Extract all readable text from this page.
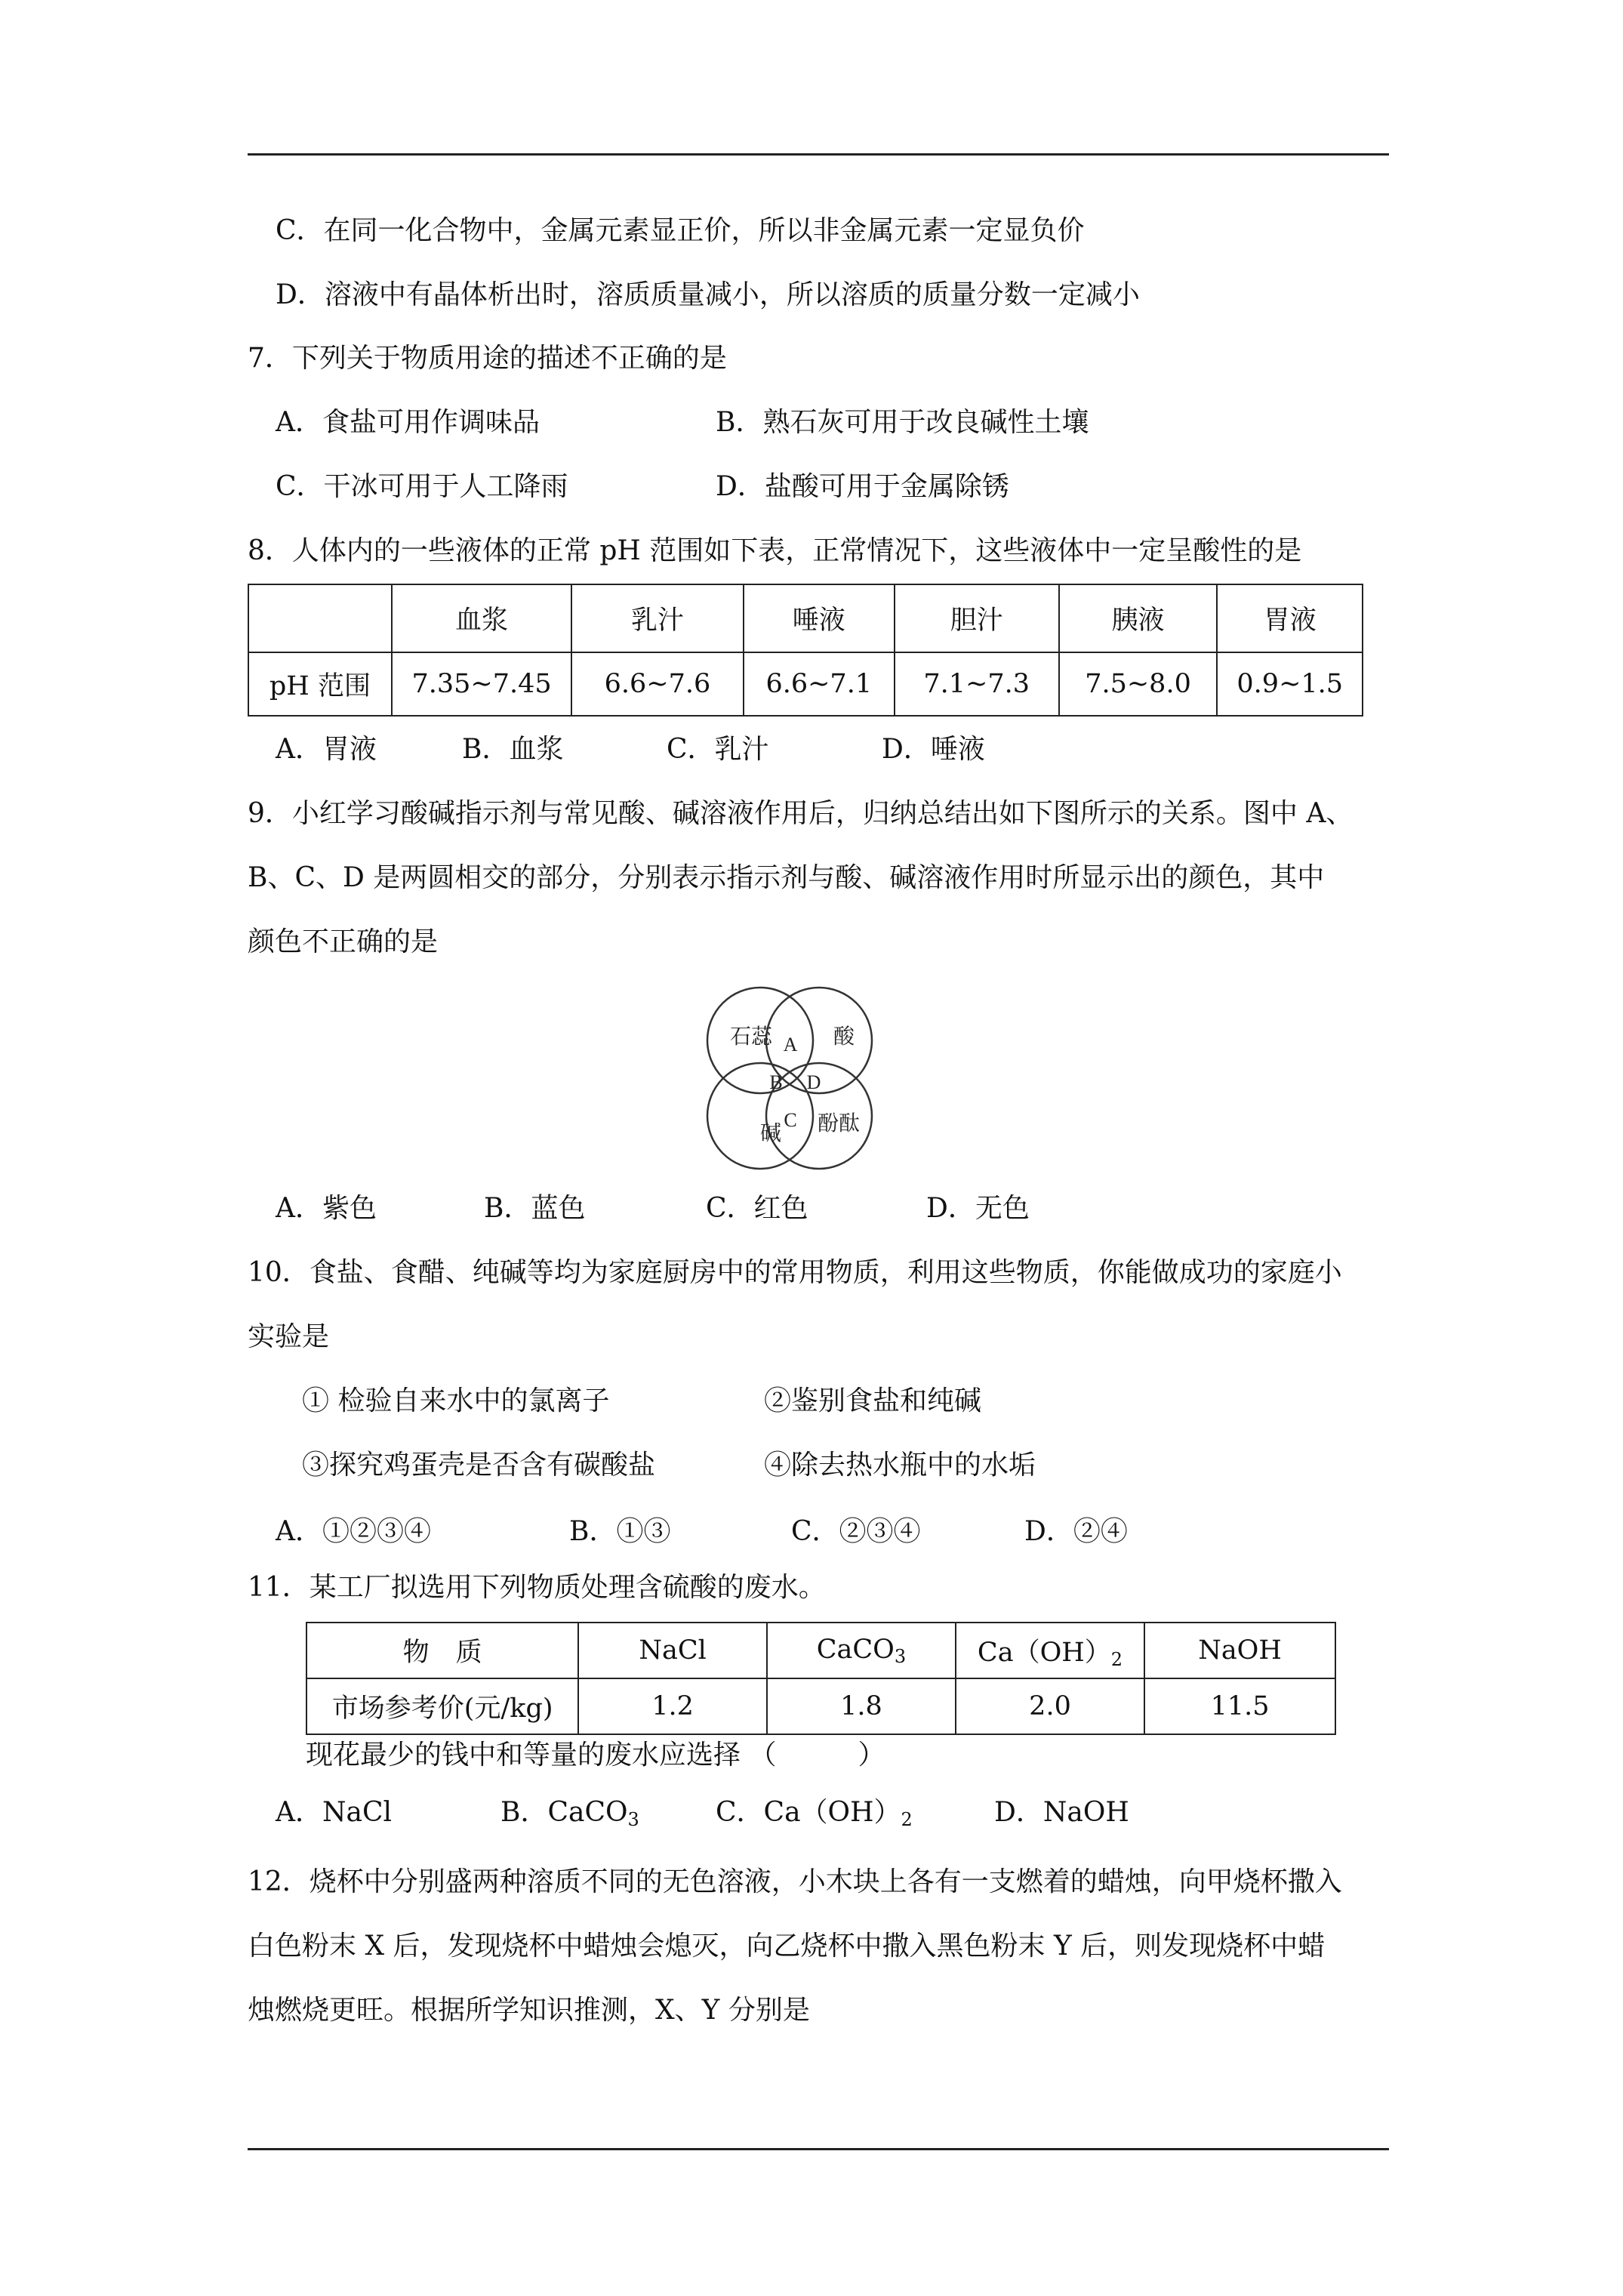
C．在同一化合物中，金属元素显正价，所以非金属元素一定显负价
D．溶液中有晶体析出时，溶质质量减小，所以溶质的质量分数一定减小
7．下列关于物质用途的描述不正确的是
A．食盐可用作调味品	B．熟石灰可用于改良碱性土壤
C．干冰可用于人工降雨	D．盐酸可用于金属除锈
8．人体内的一些液体的正常 pH 范围如下表，正常情况下，这些液体中一定呈酸性的是
	血浆	乳汁	唾液	胆汁	胰液	胃液
pH 范围	7.35~7.45	6.6~7.6	6.6~7.1	7.1~7.3	7.5~8.0	0.9~1.5
A．胃液	B．血浆	C．乳汁	D．唾液
9．小红学习酸碱指示剂与常见酸、碱溶液作用后，归纳总结出如下图所示的关系。图中 A、
B、C、D 是两圆相交的部分，分别表示指示剂与酸、碱溶液作用时所显示出的颜色，其中
颜色不正确的是
石蕊	酸
碱 酚酞
A
B D
C
A．紫色	B．蓝色	C．红色	D．无色
10．食盐、食醋、纯碱等均为家庭厨房中的常用物质，利用这些物质，你能做成功的家庭小
实验是
① 检验自来水中的氯离子	②鉴别食盐和纯碱
③探究鸡蛋壳是否含有碳酸盐	④除去热水瓶中的水垢
A．①②③④	B．①③	C．②③④	D．②④
11．某工厂拟选用下列物质处理含硫酸的废水。
物　质	NaCl	CaCO$_3$	$Ca(OH)_2$	NaOH
市场参考价(元/kg)	1.2	1.8	2.0	11.5
现花最少的钱中和等量的废水应选择 （　　　）
A．NaCl	B．CaCO$_3$	C．$Ca(OH)_2$	D．NaOH
12．烧杯中分别盛两种溶质不同的无色溶液，小木块上各有一支燃着的蜡烛，向甲烧杯撒入
白色粉末 X 后，发现烧杯中蜡烛会熄灭，向乙烧杯中撒入黑色粉末 Y 后，则发现烧杯中蜡
烛燃烧更旺。根据所学知识推测，X、Y 分别是
